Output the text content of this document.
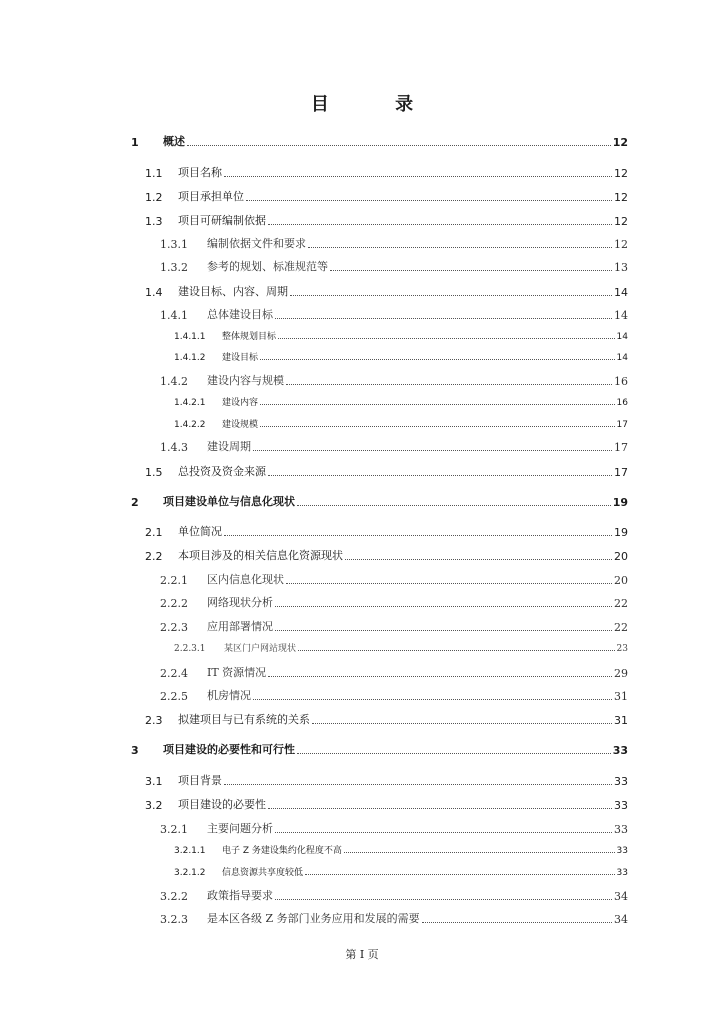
目 录
1	概述	12
1.1	项目名称	12
1.2	项目承担单位	12
1.3	项目可研编制依据	12
1.3.1	编制依据文件和要求	12
1.3.2	参考的规划、标准规范等	13
1.4	建设目标、内容、周期	14
1.4.1	总体建设目标	14
1.4.1.1	整体规划目标	14
1.4.1.2	建设目标	14
1.4.2	建设内容与规模	16
1.4.2.1	建设内容	16
1.4.2.2	建设规模	17
1.4.3	建设周期	17
1.5	总投资及资金来源	17
2	项目建设单位与信息化现状	19
2.1	单位简况	19
2.2	本项目涉及的相关信息化资源现状	20
2.2.1	区内信息化现状	20
2.2.2	网络现状分析	22
2.2.3	应用部署情况	22
2.2.3.1	某区门户网站现状	23
2.2.4	IT 资源情况	29
2.2.5	机房情况	31
2.3	拟建项目与已有系统的关系	31
3	项目建设的必要性和可行性	33
3.1	项目背景	33
3.2	项目建设的必要性	33
3.2.1	主要问题分析	33
3.2.1.1	电子 Z 务建设集约化程度不高	33
3.2.1.2	信息资源共享度较低	33
3.2.2	政策指导要求	34
3.2.3	是本区各级 Z 务部门业务应用和发展的需要	34
第 I 页
